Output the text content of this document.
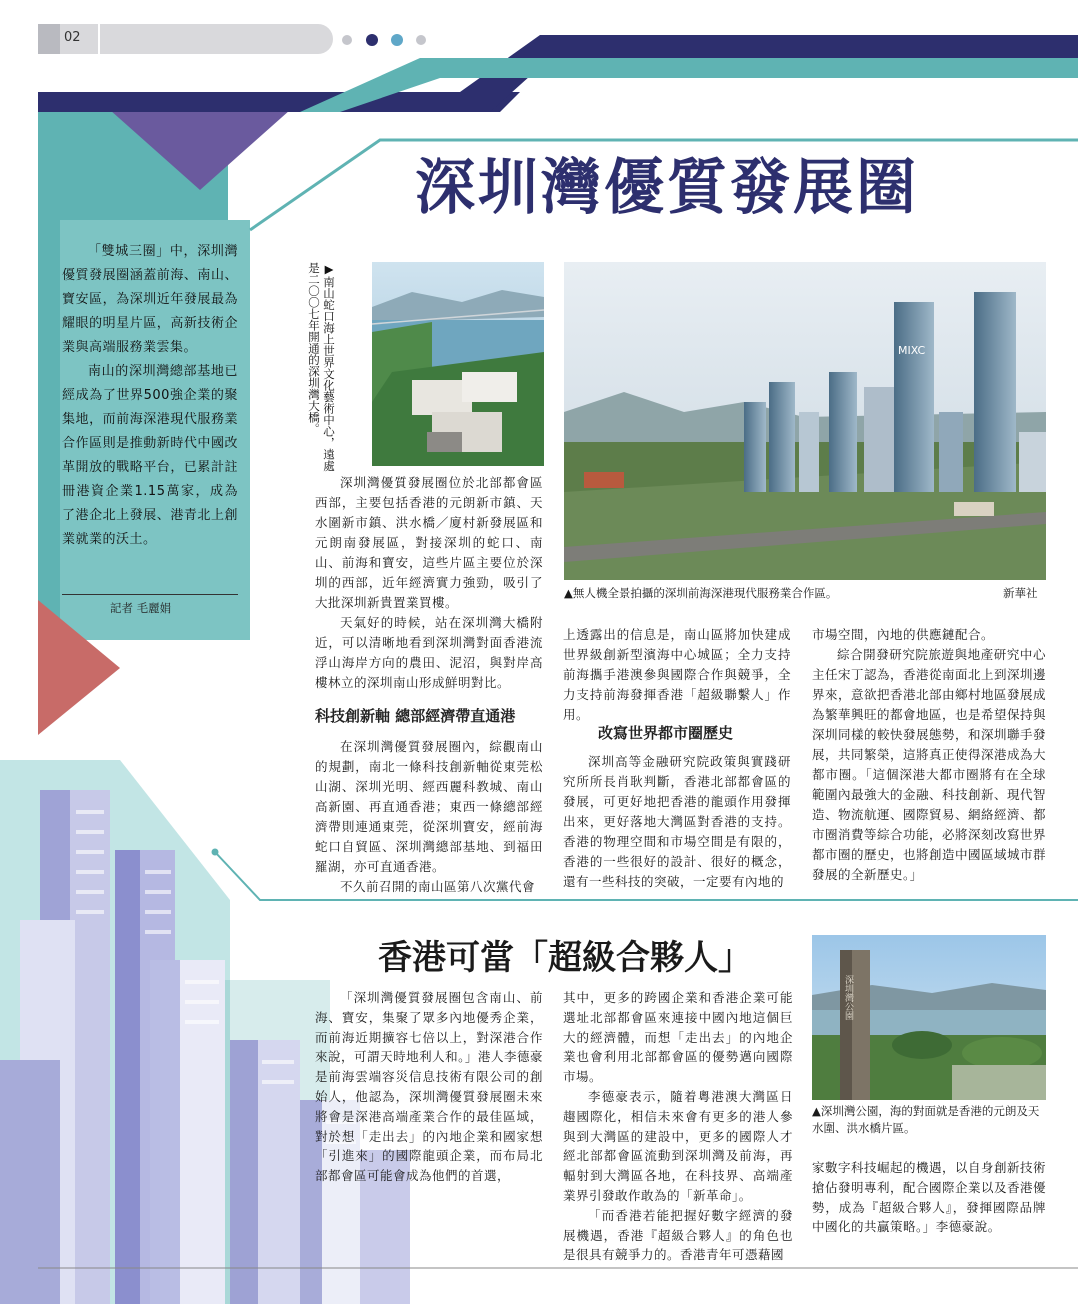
02
深圳灣優質發展圈

「雙城三圈」中，深圳灣優質發展圈涵蓋前海、南山、寶安區，為深圳近年發展最為耀眼的明星片區，高新技術企業與高端服務業雲集。

南山的深圳灣總部基地已經成為了世界500強企業的聚集地，而前海深港現代服務業合作區則是推動新時代中國改革開放的戰略平台，已累計註冊港資企業1.15萬家，成為了港企北上發展、港青北上創業就業的沃土。

記者 毛麗娟
▶南山蛇口海上世界文化藝術中心，遠處是二〇〇七年開通的深圳灣大橋。	MIXC
▲無人機全景拍攝的深圳前海深港現代服務業合作區。	新華社

深圳灣優質發展圈位於北部都會區西部，主要包括香港的元朗新市鎮、天水圍新市鎮、洪水橋／廈村新發展區和元朗南發展區，對接深圳的蛇口、南山、前海和寶安，這些片區主要位於深圳的西部，近年經濟實力強勁，吸引了大批深圳新貴置業買樓。

天氣好的時候，站在深圳灣大橋附近，可以清晰地看到深圳灣對面香港流浮山海岸方向的農田、泥沼，與對岸高樓林立的深圳南山形成鮮明對比。

科技創新軸 總部經濟帶直通港

在深圳灣優質發展圈內，綜觀南山的規劃，南北一條科技創新軸從東莞松山湖、深圳光明、經西麗科教城、南山高新園、再直通香港；東西一條總部經濟帶則連通東莞，從深圳寶安，經前海蛇口自貿區、深圳灣總部基地、到福田羅湖，亦可直通香港。

不久前召開的南山區第八次黨代會

上透露出的信息是，南山區將加快建成世界級創新型濱海中心城區；全力支持前海攜手港澳參與國際合作與競爭，全力支持前海發揮香港「超級聯繫人」作用。

改寫世界都市圈歷史

深圳高等金融研究院政策與實踐研究所所長肖耿判斷，香港北部都會區的發展，可更好地把香港的龍頭作用發揮出來，更好落地大灣區對香港的支持。香港的物理空間和市場空間是有限的，香港的一些很好的設計、很好的概念，還有一些科技的突破，一定要有內地的

市場空間，內地的供應鏈配合。

綜合開發研究院旅遊與地產研究中心主任宋丁認為，香港從南面北上到深圳邊界來，意欲把香港北部由鄉村地區發展成為繁華興旺的都會地區，也是希望保持與深圳同樣的較快發展態勢，和深圳聯手發展，共同繁榮，這將真正使得深港成為大都市圈。「這個深港大都市圈將有在全球範圍內最強大的金融、科技創新、現代智造、物流航運、國際貿易、網絡經濟、都市圈消費等綜合功能，必將深刻改寫世界都市圈的歷史，也將創造中國區域城市群發展的全新歷史。」

香港可當「超級合夥人」

「深圳灣優質發展圈包含南山、前海、寶安，集聚了眾多內地優秀企業，而前海近期擴容七倍以上，對深港合作來說，可謂天時地利人和。」港人李德豪是前海雲端容災信息技術有限公司的創始人，他認為，深圳灣優質發展圈未來將會是深港高端產業合作的最佳區域，對於想「走出去」的內地企業和國家想「引進來」的國際龍頭企業，而布局北部都會區可能會成為他們的首選，

其中，更多的跨國企業和香港企業可能選址北部都會區來連接中國內地這個巨大的經濟體，而想「走出去」的內地企業也會利用北部都會區的優勢邁向國際市場。

李德豪表示，隨着粵港澳大灣區日趨國際化，相信未來會有更多的港人參與到大灣區的建設中，更多的國際人才經北部都會區流動到深圳灣及前海，再輻射到大灣區各地，在科技界、高端產業界引發敢作敢為的「新革命」。

「而香港若能把握好數字經濟的發展機遇，香港『超級合夥人』的角色也是很具有競爭力的。香港青年可憑藉國

深圳灣公園
▲深圳灣公園，海的對面就是香港的元朗及天水圍、洪水橋片區。

家數字科技崛起的機遇，以自身創新技術搶佔發明專利，配合國際企業以及香港優勢，成為『超級合夥人』，發揮國際品牌中國化的共贏策略。」李德豪說。
